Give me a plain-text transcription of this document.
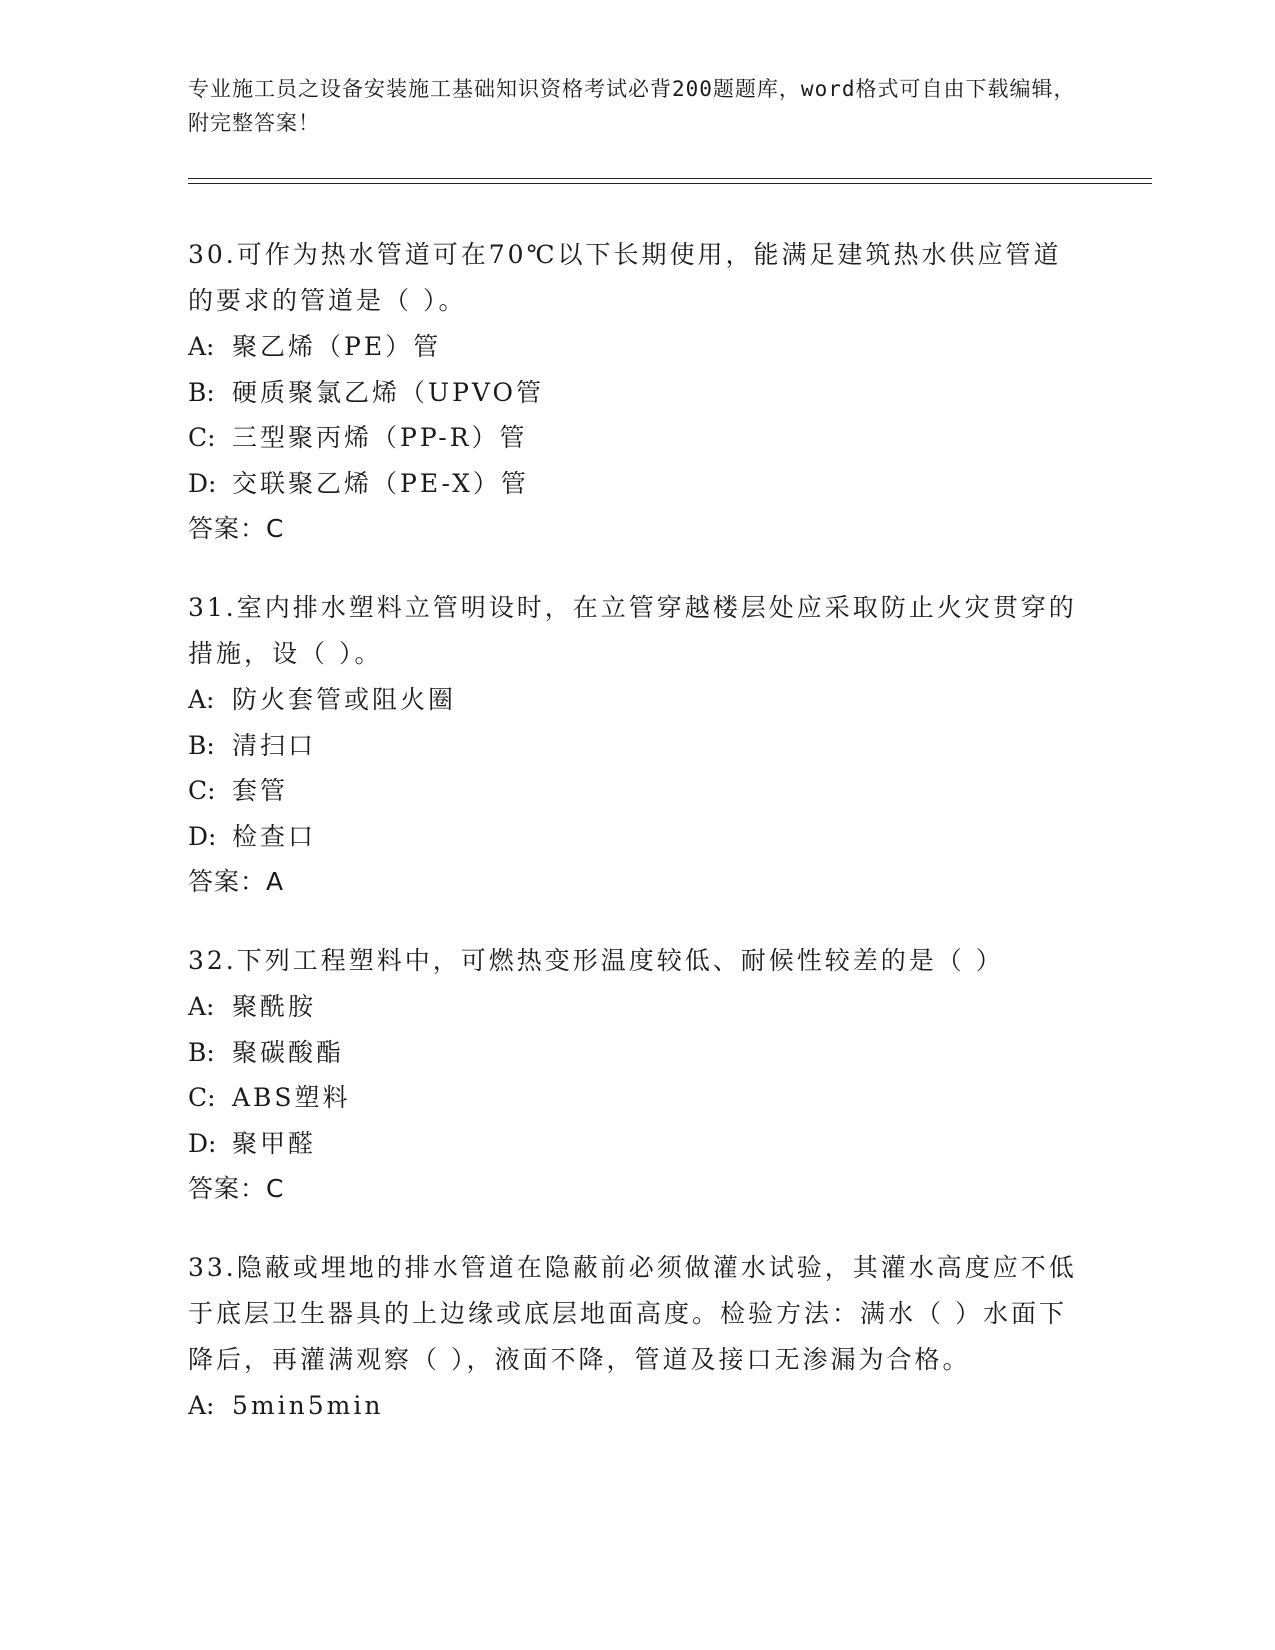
专业施工员之设备安装施工基础知识资格考试必背200题题库，word格式可自由下载编辑，附完整答案！
30.可作为热水管道可在70℃以下长期使用，能满足建筑热水供应管道的要求的管道是（ ）。
A: 聚乙烯（PE）管
B: 硬质聚氯乙烯（UPVO管
C: 三型聚丙烯（PP-R）管
D: 交联聚乙烯（PE-X）管
答案：C
31.室内排水塑料立管明设时，在立管穿越楼层处应采取防止火灾贯穿的措施，设（ ）。
A: 防火套管或阻火圈
B: 清扫口
C: 套管
D: 检查口
答案：A
32.下列工程塑料中，可燃热变形温度较低、耐候性较差的是（ ）
A: 聚酰胺
B: 聚碳酸酯
C: ABS塑料
D: 聚甲醛
答案：C
33.隐蔽或埋地的排水管道在隐蔽前必须做灌水试验，其灌水高度应不低于底层卫生器具的上边缘或底层地面高度。检验方法：满水（ ）水面下降后，再灌满观察（ ），液面不降，管道及接口无渗漏为合格。
A: 5min5min
